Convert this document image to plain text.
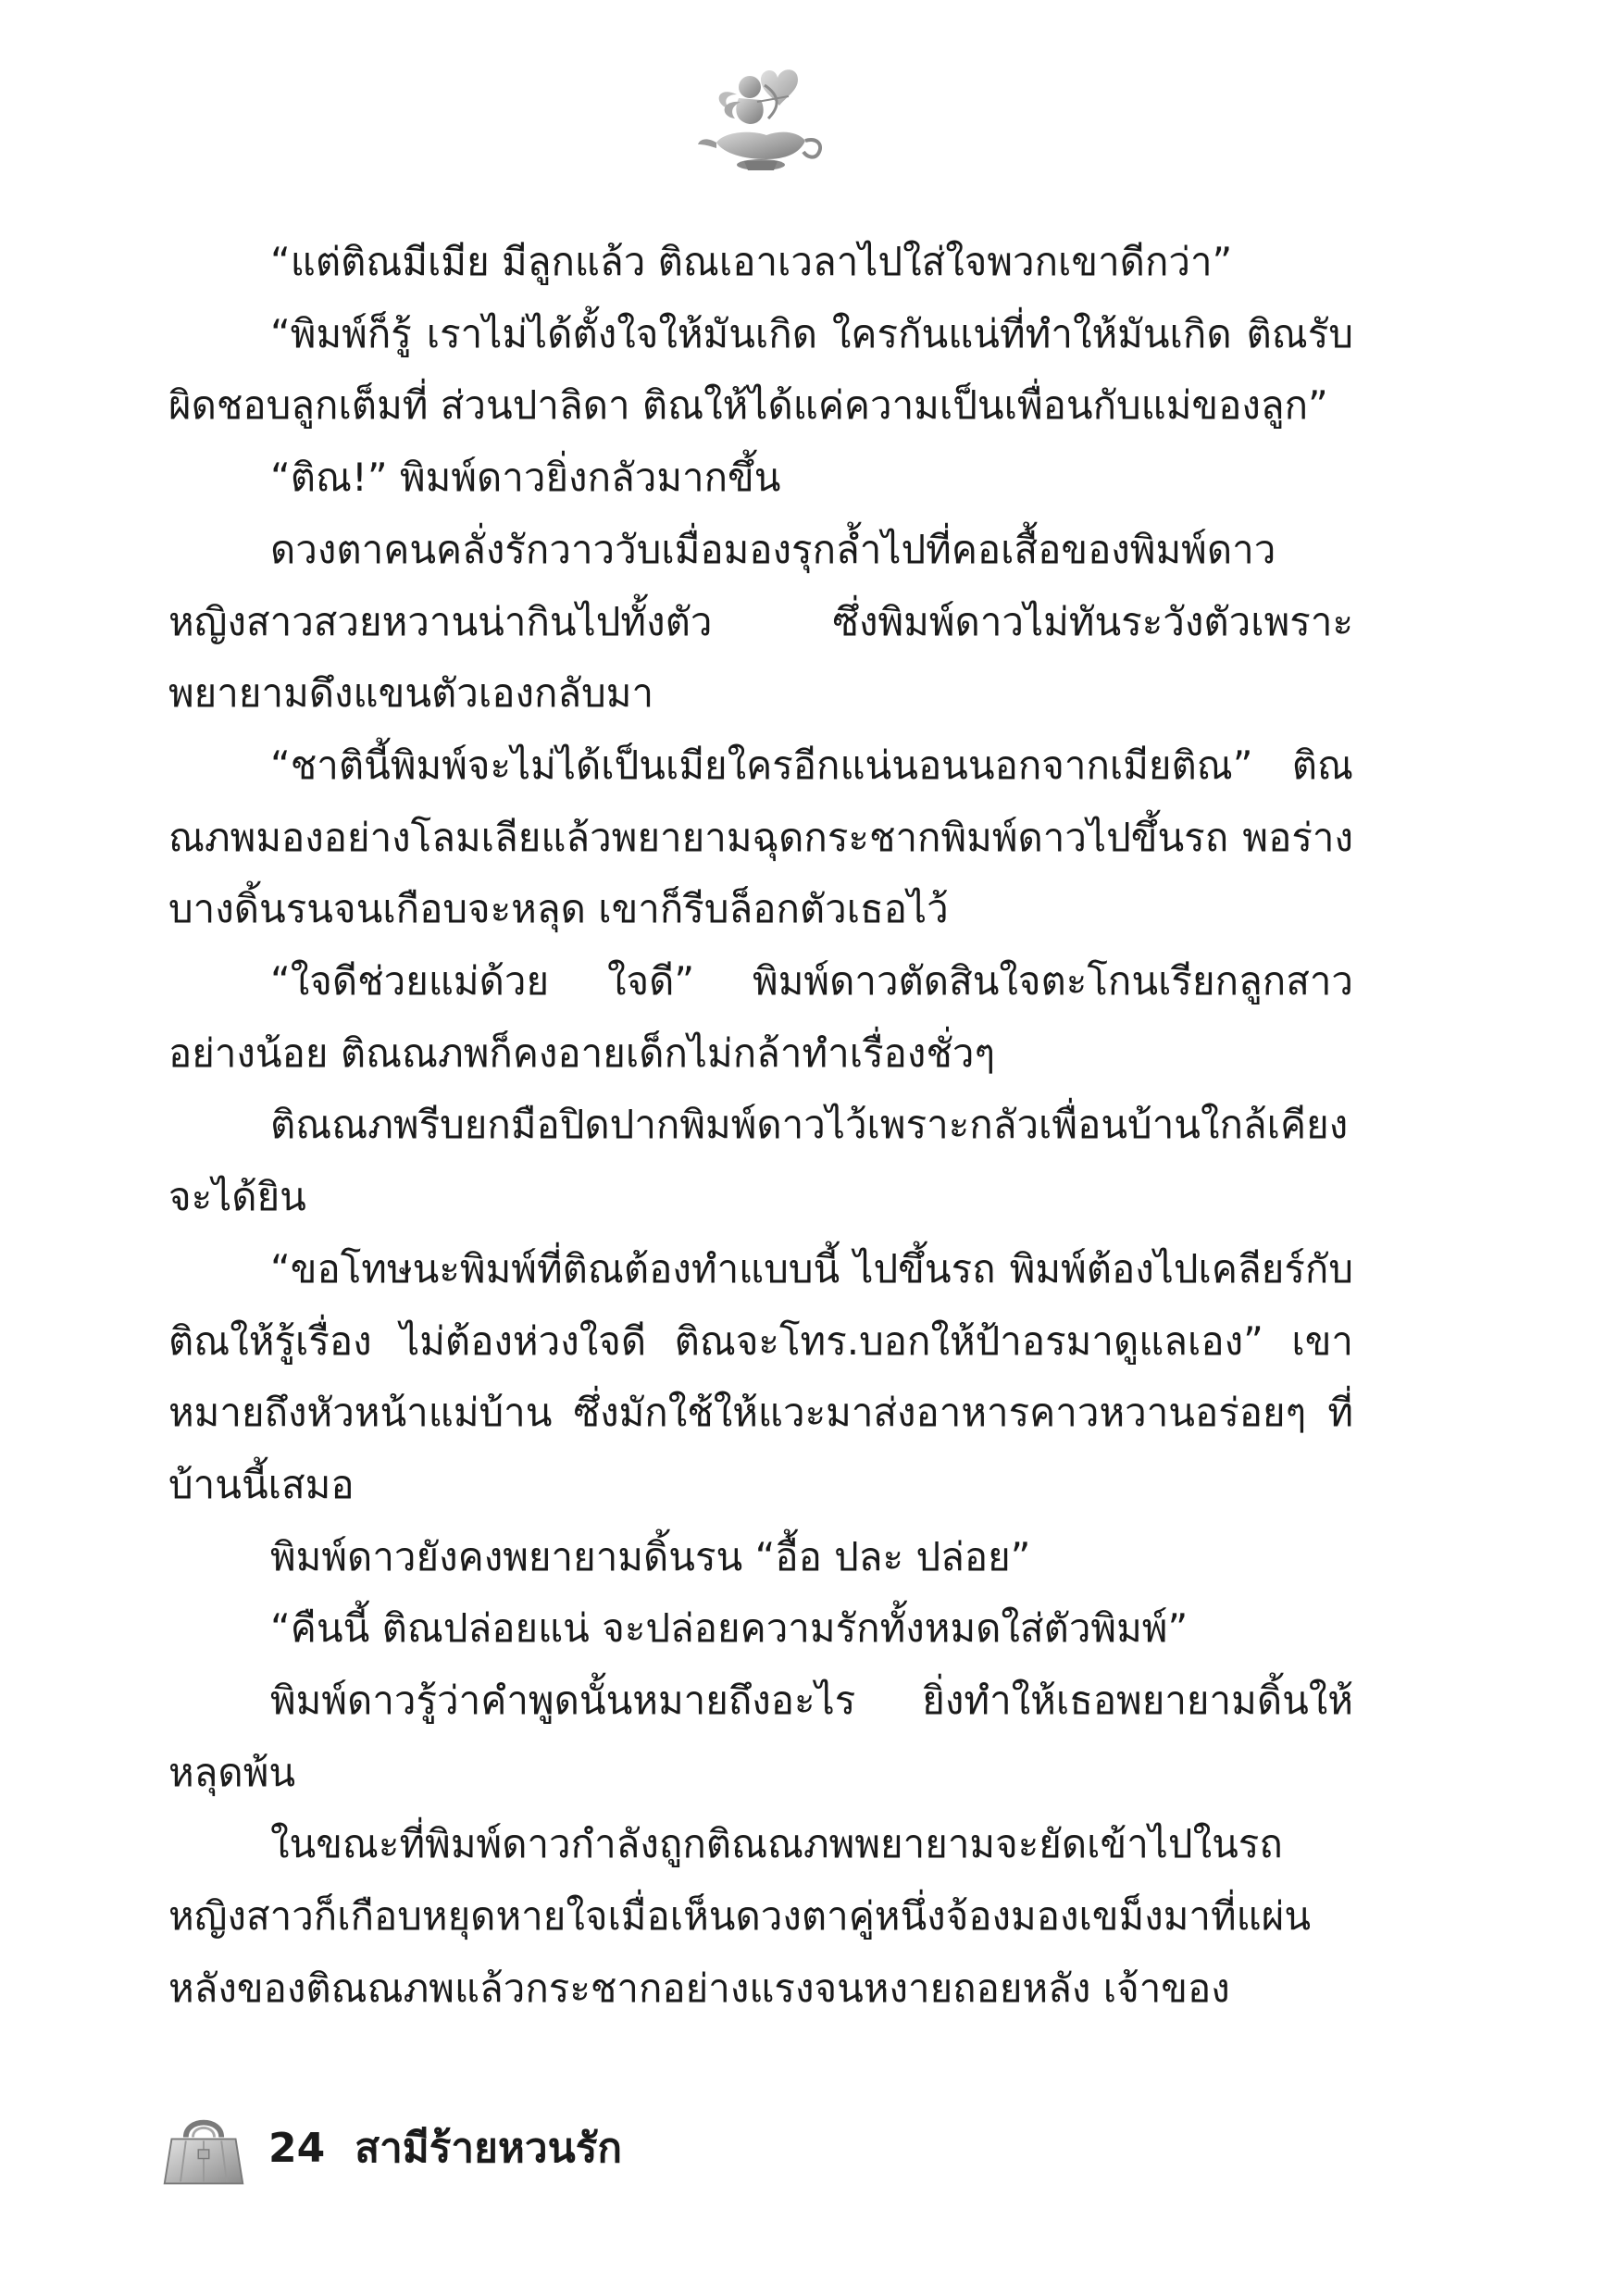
“แต่ติณมีเมีย มีลูกแล้ว ติณเอาเวลาไปใส่ใจพวกเขาดีกว่า”

“พิมพ์ก็รู้ เราไม่ได้ตั้งใจให้มันเกิด ใครกันแน่ที่ทำให้มันเกิด ติณรับผิดชอบลูกเต็มที่ ส่วนปาลิดา ติณให้ได้แค่ความเป็นเพื่อนกับแม่ของลูก”

“ติณ!” พิมพ์ดาวยิ่งกลัวมากขึ้น

ดวงตาคนคลั่งรักวาววับเมื่อมองรุกล้ำไปที่คอเสื้อของพิมพ์ดาว หญิงสาวสวยหวานน่ากินไปทั้งตัว ซึ่งพิมพ์ดาวไม่ทันระวังตัวเพราะพยายามดึงแขนตัวเองกลับมา

“ชาตินี้พิมพ์จะไม่ได้เป็นเมียใครอีกแน่นอนนอกจากเมียติณ” ติณณภพมองอย่างโลมเลียแล้วพยายามฉุดกระชากพิมพ์ดาวไปขึ้นรถ พอร่างบางดิ้นรนจนเกือบจะหลุด เขาก็รีบล็อกตัวเธอไว้

“ใจดีช่วยแม่ด้วย ใจดี” พิมพ์ดาวตัดสินใจตะโกนเรียกลูกสาว อย่างน้อย ติณณภพก็คงอายเด็กไม่กล้าทำเรื่องชั่วๆ

ติณณภพรีบยกมือปิดปากพิมพ์ดาวไว้เพราะกลัวเพื่อนบ้านใกล้เคียงจะได้ยิน

“ขอโทษนะพิมพ์ที่ติณต้องทำแบบนี้ ไปขึ้นรถ พิมพ์ต้องไปเคลียร์กับติณให้รู้เรื่อง ไม่ต้องห่วงใจดี ติณจะโทร.บอกให้ป้าอรมาดูแลเอง” เขาหมายถึงหัวหน้าแม่บ้าน ซึ่งมักใช้ให้แวะมาส่งอาหารคาวหวานอร่อยๆ ที่บ้านนี้เสมอ

พิมพ์ดาวยังคงพยายามดิ้นรน “อื้อ ปละ ปล่อย”

“คืนนี้ ติณปล่อยแน่ จะปล่อยความรักทั้งหมดใส่ตัวพิมพ์”

พิมพ์ดาวรู้ว่าคำพูดนั้นหมายถึงอะไร ยิ่งทำให้เธอพยายามดิ้นให้หลุดพ้น

ในขณะที่พิมพ์ดาวกำลังถูกติณณภพพยายามจะยัดเข้าไปในรถ หญิงสาวก็เกือบหยุดหายใจเมื่อเห็นดวงตาคู่หนึ่งจ้องมองเขม็งมาที่แผ่นหลังของติณณภพแล้วกระชากอย่างแรงจนหงายถอยหลัง เจ้าของ

24 สามีร้ายหวนรัก
